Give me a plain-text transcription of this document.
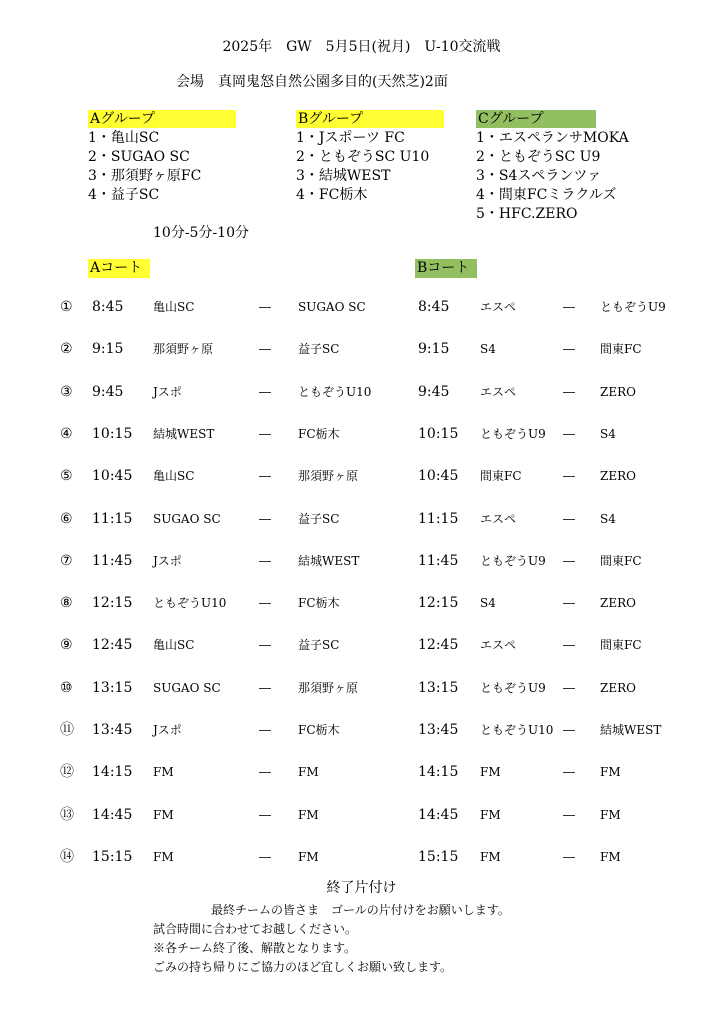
2025年　GW　5月5日(祝月)　U-10交流戦
会場　真岡鬼怒自然公園多目的(天然芝)2面
Aグループ
1・亀山SC
2・SUGAO SC
3・那須野ヶ原FC
4・益子SC
Bグループ
1・Jスポーツ FC
2・ともぞうSC U10
3・結城WEST
4・FC栃木
Cグループ
1・エスペランサMOKA
2・ともぞうSC U9
3・S4スペランツァ
4・間東FCミラクルズ
5・HFC.ZERO
10分-5分-10分
Aコート	Bコート
① 8:45 亀山SC	― SUGAO SC	8:45	エスペ	― ともぞうU9
② 9:15 那須野ヶ原	― 益子SC	9:15	S4	― 間東FC
③ 9:45 Jスポ	― ともぞうU10	9:45	エスペ	― ZERO
④ 10:15 結城WEST	― FC栃木	10:15 ともぞうU9 ― S4
⑤ 10:45 亀山SC	― 那須野ヶ原	10:45 間東FC	― ZERO
⑥ 11:15 SUGAO SC	― 益子SC	11:15 エスペ	― S4
⑦ 11:45 Jスポ	― 結城WEST	11:45 ともぞうU9 ― 間東FC
⑧ 12:15 ともぞうU10	― FC栃木	12:15 S4	― ZERO
⑨ 12:45 亀山SC	― 益子SC	12:45 エスペ	― 間東FC
⑩ 13:15 SUGAO SC	― 那須野ヶ原	13:15 ともぞうU9 ― ZERO
⑪ 13:45 Jスポ	― FC栃木	13:45 ともぞうU10 ― 結城WEST
⑫ 14:15 FM	― FM	14:15 FM	― FM
⑬ 14:45 FM	― FM	14:45 FM	― FM
⑭ 15:15 FM	― FM	15:15 FM	― FM
終了片付け
最終チームの皆さま　ゴールの片付けをお願いします。
試合時間に合わせてお越しください。
※各チーム終了後、解散となります。
ごみの持ち帰りにご協力のほど宜しくお願い致します。
